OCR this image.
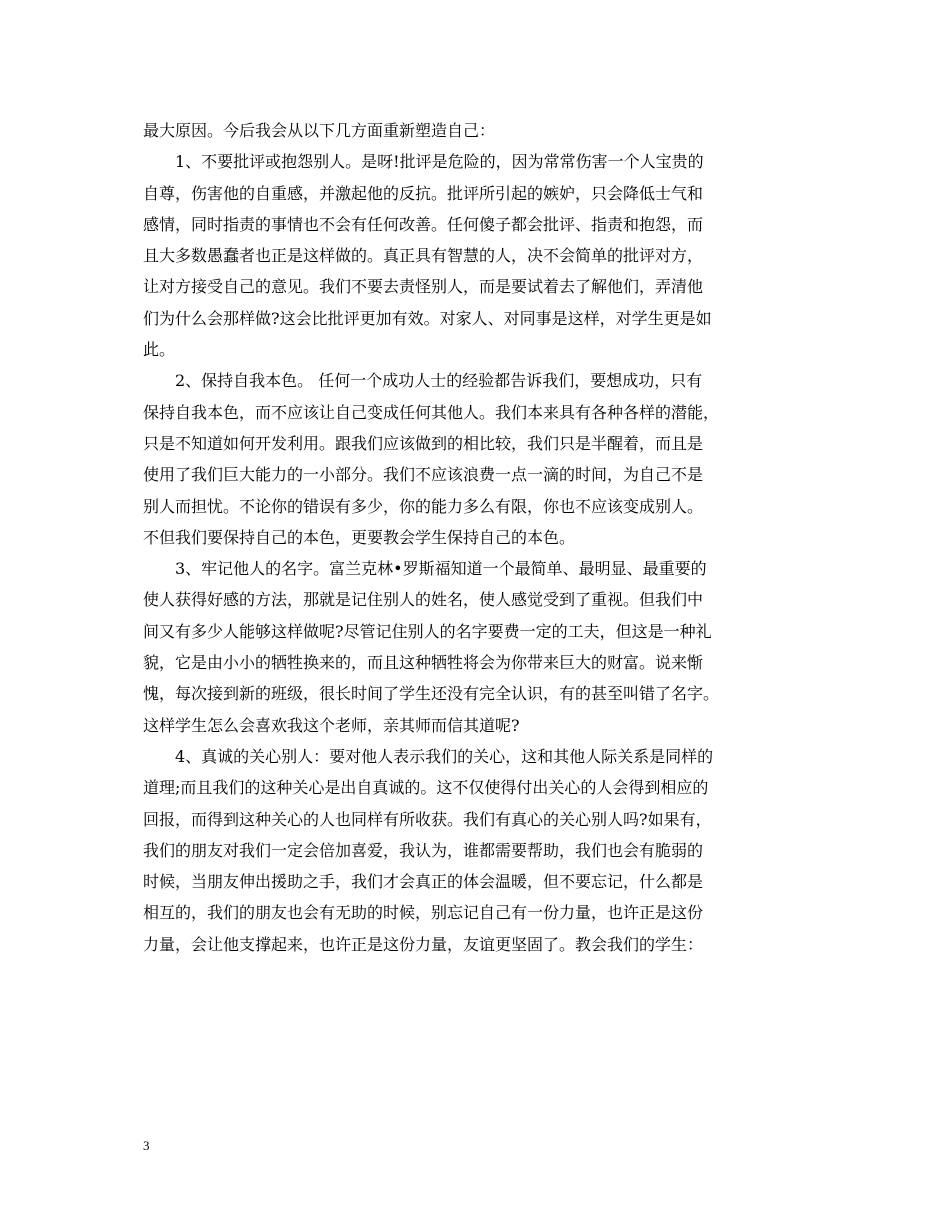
最大原因。今后我会从以下几方面重新塑造自己：
　　1、不要批评或抱怨别人。是呀!批评是危险的，因为常常伤害一个人宝贵的
自尊，伤害他的自重感，并激起他的反抗。批评所引起的嫉妒，只会降低士气和
感情，同时指责的事情也不会有任何改善。任何傻子都会批评、指责和抱怨，而
且大多数愚蠢者也正是这样做的。真正具有智慧的人，决不会简单的批评对方，
让对方接受自己的意见。我们不要去责怪别人，而是要试着去了解他们，弄清他
们为什么会那样做?这会比批评更加有效。对家人、对同事是这样，对学生更是如
此。
　　2、保持自我本色。 任何一个成功人士的经验都告诉我们，要想成功，只有
保持自我本色，而不应该让自己变成任何其他人。我们本来具有各种各样的潜能，
只是不知道如何开发利用。跟我们应该做到的相比较，我们只是半醒着，而且是
使用了我们巨大能力的一小部分。我们不应该浪费一点一滴的时间，为自己不是
别人而担忧。不论你的错误有多少，你的能力多么有限，你也不应该变成别人。
不但我们要保持自己的本色，更要教会学生保持自己的本色。
　　3、牢记他人的名字。富兰克林•罗斯福知道一个最简单、最明显、最重要的
使人获得好感的方法，那就是记住别人的姓名，使人感觉受到了重视。但我们中
间又有多少人能够这样做呢?尽管记住别人的名字要费一定的工夫，但这是一种礼
貌，它是由小小的牺牲换来的，而且这种牺牲将会为你带来巨大的财富。说来惭
愧，每次接到新的班级，很长时间了学生还没有完全认识，有的甚至叫错了名字。
这样学生怎么会喜欢我这个老师，亲其师而信其道呢?
　　4、真诚的关心别人：要对他人表示我们的关心，这和其他人际关系是同样的
道理;而且我们的这种关心是出自真诚的。这不仅使得付出关心的人会得到相应的
回报，而得到这种关心的人也同样有所收获。我们有真心的关心别人吗?如果有，
我们的朋友对我们一定会倍加喜爱，我认为，谁都需要帮助，我们也会有脆弱的
时候，当朋友伸出援助之手，我们才会真正的体会温暖，但不要忘记，什么都是
相互的，我们的朋友也会有无助的时候，别忘记自己有一份力量，也许正是这份
力量，会让他支撑起来，也许正是这份力量，友谊更坚固了。教会我们的学生：
3
